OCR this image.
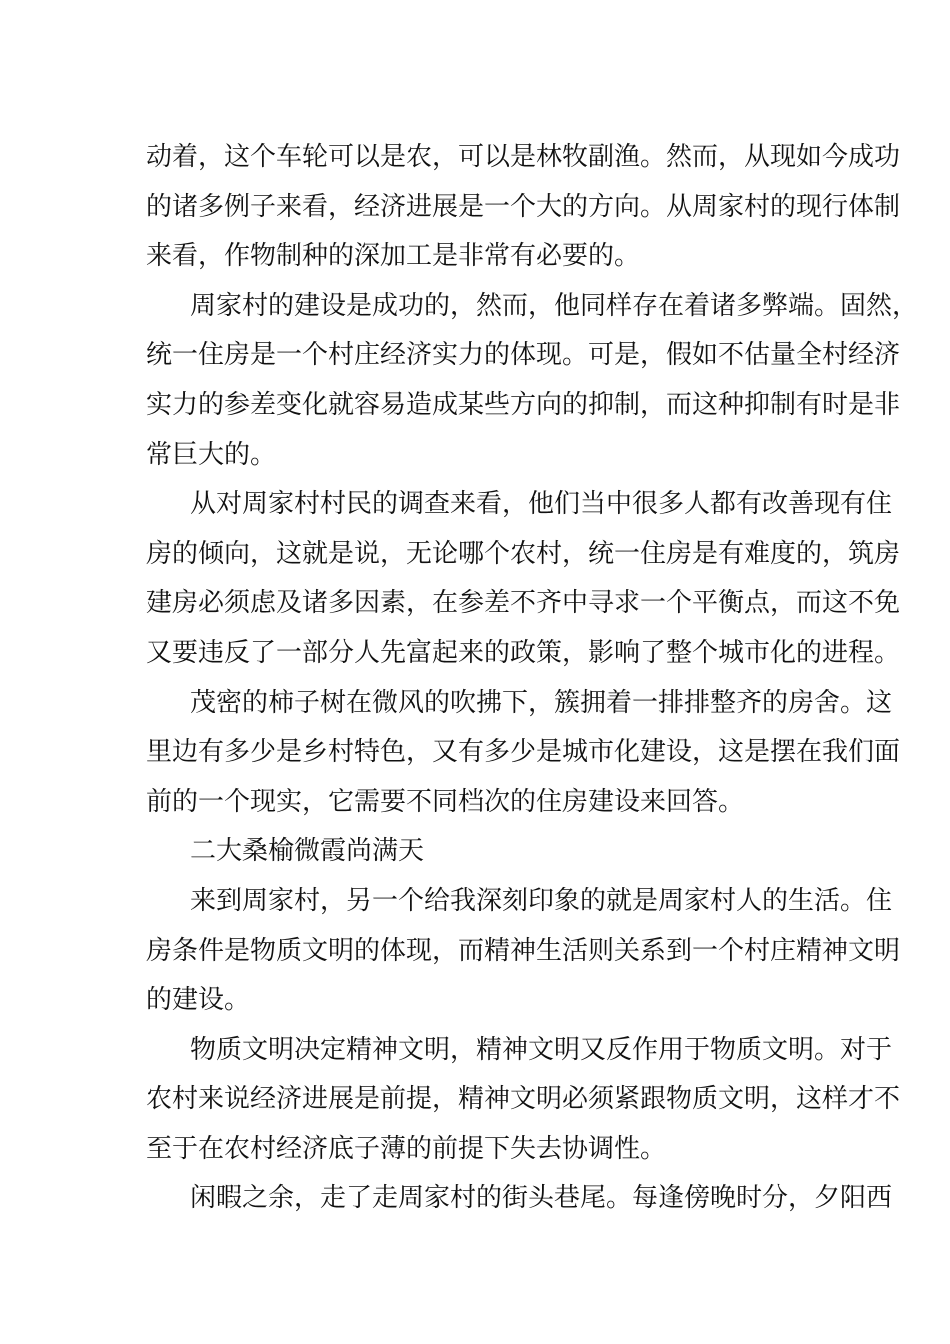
动着，这个车轮可以是农，可以是林牧副渔。然而，从现如今成功
的诸多例子来看，经济进展是一个大的方向。从周家村的现行体制
来看，作物制种的深加工是非常有必要的。
周家村的建设是成功的，然而，他同样存在着诸多弊端。固然，
统一住房是一个村庄经济实力的体现。可是，假如不估量全村经济
实力的参差变化就容易造成某些方向的抑制，而这种抑制有时是非
常巨大的。
从对周家村村民的调查来看，他们当中很多人都有改善现有住
房的倾向，这就是说，无论哪个农村，统一住房是有难度的，筑房
建房必须虑及诸多因素，在参差不齐中寻求一个平衡点，而这不免
又要违反了一部分人先富起来的政策，影响了整个城市化的进程。
茂密的柿子树在微风的吹拂下，簇拥着一排排整齐的房舍。这
里边有多少是乡村特色，又有多少是城市化建设，这是摆在我们面
前的一个现实，它需要不同档次的住房建设来回答。
二大桑榆微霞尚满天
来到周家村，另一个给我深刻印象的就是周家村人的生活。住
房条件是物质文明的体现，而精神生活则关系到一个村庄精神文明
的建设。
物质文明决定精神文明，精神文明又反作用于物质文明。对于
农村来说经济进展是前提，精神文明必须紧跟物质文明，这样才不
至于在农村经济底子薄的前提下失去协调性。
闲暇之余，走了走周家村的街头巷尾。每逢傍晚时分，夕阳西
